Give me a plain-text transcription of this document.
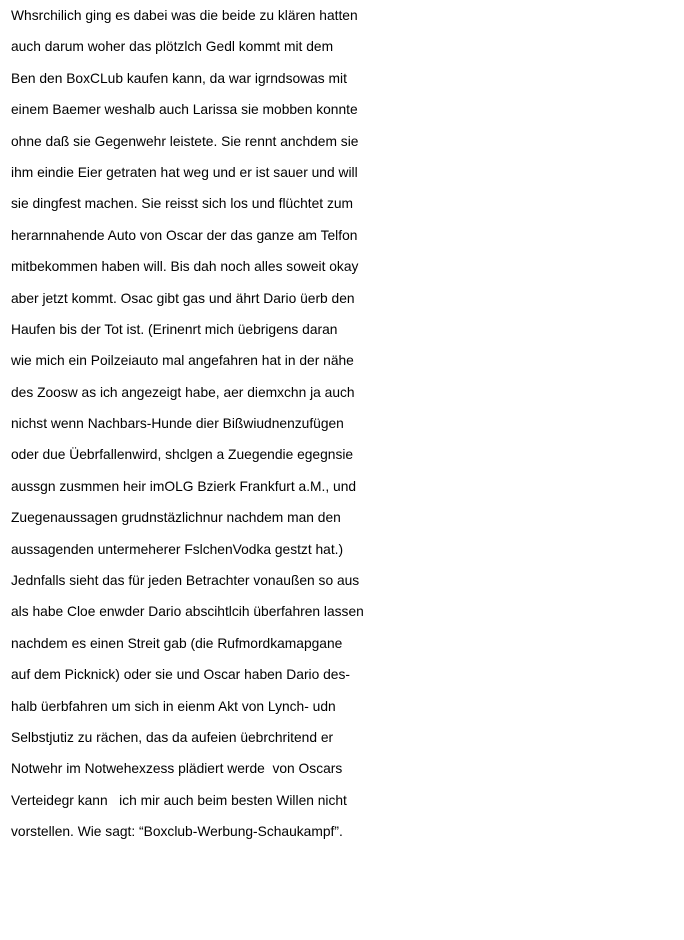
Whsrchilich ging es dabei was die beide zu klären hatten
auch darum woher das plötzlch Gedl kommt mit dem
Ben den BoxCLub kaufen kann, da war igrndsowas mit
einem Baemer weshalb auch Larissa sie mobben konnte
ohne daß sie Gegenwehr leistete. Sie rennt anchdem sie
ihm eindie Eier getraten hat weg und er ist sauer und will
sie dingfest machen. Sie reisst sich los und flüchtet zum
herarnnahende Auto von Oscar der das ganze am Telfon
mitbekommen haben will. Bis dah noch alles soweit okay
aber jetzt kommt. Osac gibt gas und ährt Dario üerb den
Haufen bis der Tot ist. (Erinenrt mich üebrigens daran
wie mich ein Poilzeiauto mal angefahren hat in der nähe
des Zoosw as ich angezeigt habe, aer diemxchn ja auch
nichst wenn Nachbars-Hunde dier Bißwiudnenzufügen
oder due Üebrfallenwird, shclgen a Zuegendie egegnsie
aussgn zusmmen heir imOLG Bzierk Frankfurt a.M., und
Zuegenaussagen grudnstäzlichnur nachdem man den
aussagenden untermeherer FslchenVodka gestzt hat.)
Jednfalls sieht das für jeden Betrachter vonaußen so aus
als habe Cloe enwder Dario abscihtlcih überfahren lassen
nachdem es einen Streit gab (die Rufmordkamapgane
auf dem Picknick) oder sie und Oscar haben Dario des-
halb üerbfahren um sich in eienm Akt von Lynch- udn
Selbstjutiz zu rächen, das da aufeien üebrchritend er
Notwehr im Notwehexzess plädiert werde  von Oscars
Verteidegr kann   ich mir auch beim besten Willen nicht
vorstellen. Wie sagt: “Boxclub-Werbung-Schaukampf”.
